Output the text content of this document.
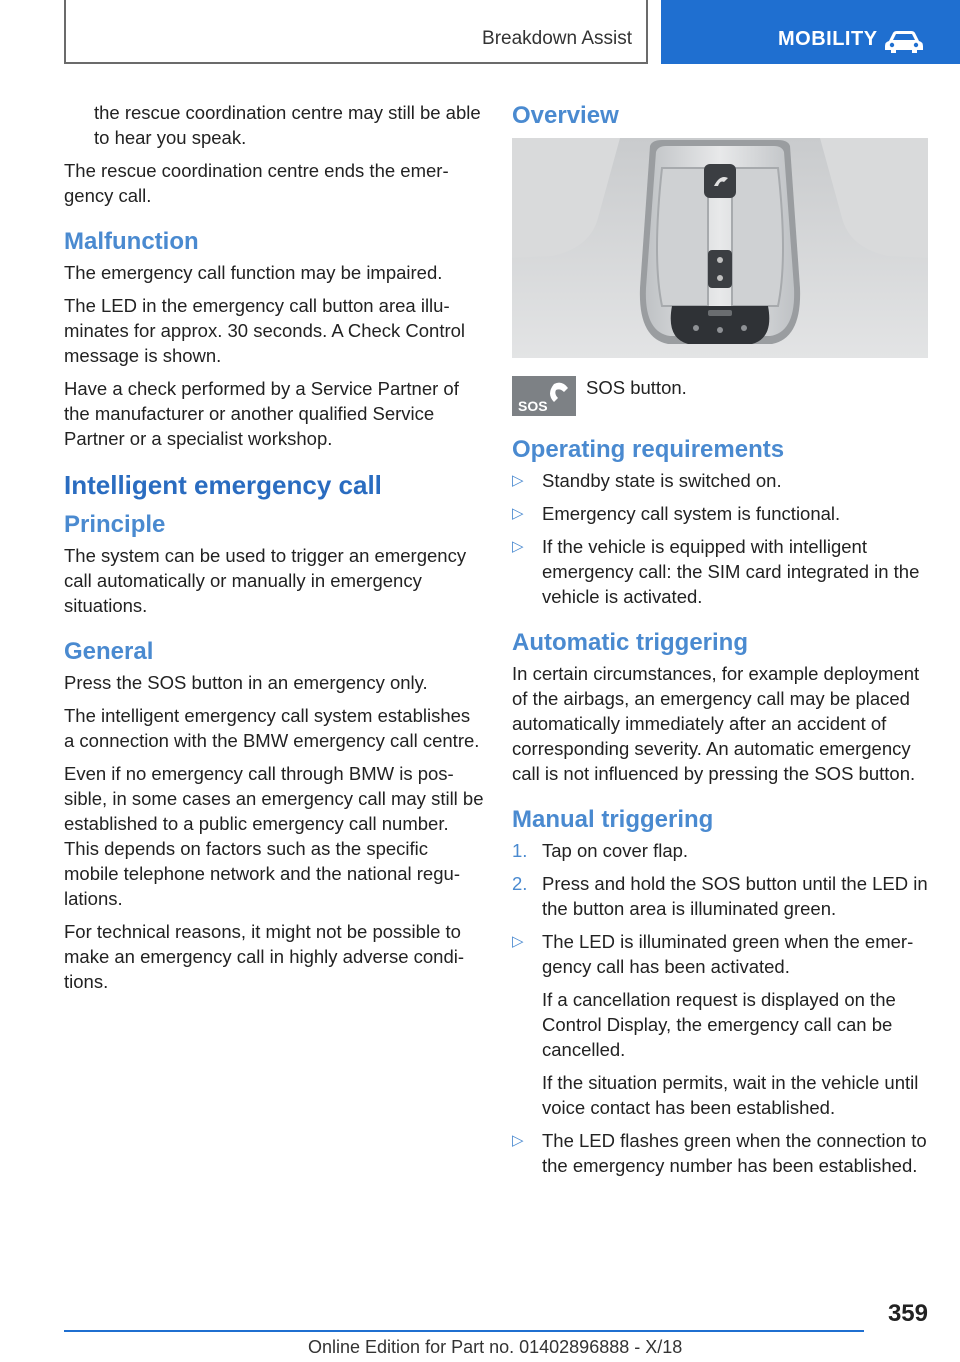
Breakdown Assist	MOBILITY

the rescue coordination centre may still be able to hear you speak.

The rescue coordination centre ends the emergency call.

Malfunction

The emergency call function may be impaired.

The LED in the emergency call button area illuminates for approx. 30 seconds. A Check Control message is shown.

Have a check performed by a Service Partner of the manufacturer or another qualified Service Partner or a specialist workshop.

Intelligent emergency call
Principle

The system can be used to trigger an emergency call automatically or manually in emergency situations.

General

Press the SOS button in an emergency only.

The intelligent emergency call system establishes a connection with the BMW emergency call centre.

Even if no emergency call through BMW is possible, in some cases an emergency call may still be established to a public emergency call number. This depends on factors such as the specific mobile telephone network and the national regulations.

For technical reasons, it might not be possible to make an emergency call in highly adverse conditions.

Overview
SOS
SOS button.
Operating requirements
▷ Standby state is switched on.
▷ Emergency call system is functional.
▷ If the vehicle is equipped with intelligent emergency call: the SIM card integrated in the vehicle is activated.
Automatic triggering

In certain circumstances, for example deployment of the airbags, an emergency call may be placed automatically immediately after an accident of corresponding severity. An automatic emergency call is not influenced by pressing the SOS button.

Manual triggering
1. Tap on cover flap.
2. Press and hold the SOS button until the LED in the button area is illuminated green.
▷ The LED is illuminated green when the emergency call has been activated.
If a cancellation request is displayed on the Control Display, the emergency call can be cancelled.
If the situation permits, wait in the vehicle until voice contact has been established.
▷ The LED flashes green when the connection to the emergency number has been established.
359
Online Edition for Part no. 01402896888 - X/18
